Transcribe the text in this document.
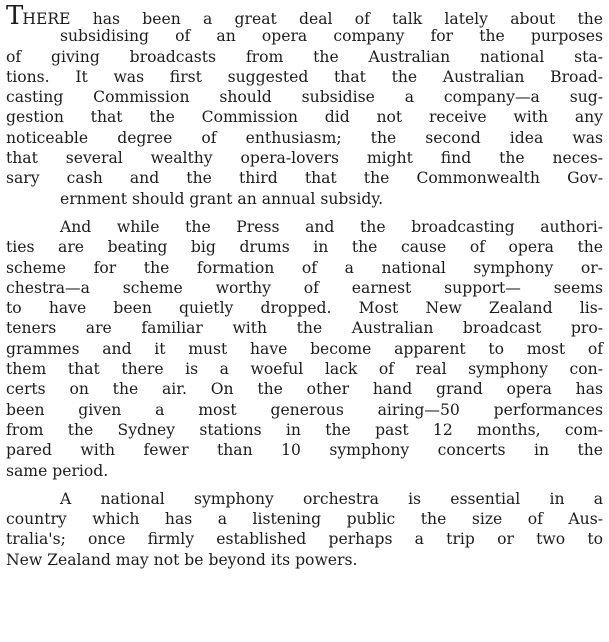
THERE has been a great deal of talk lately about the
subsidising of an opera company for the purposes
of giving broadcasts from the Australian national sta-
tions. It was first suggested that the Australian Broad-
casting Commission should subsidise a company—a sug-
gestion that the Commission did not receive with any
noticeable degree of enthusiasm; the second idea was
that several wealthy opera-lovers might find the neces-
sary cash and the third that the Commonwealth Gov-
ernment should grant an annual subsidy.
And while the Press and the broadcasting authori-
ties are beating big drums in the cause of opera the
scheme for the formation of a national symphony or-
chestra—a scheme worthy of earnest support— seems
to have been quietly dropped. Most New Zealand lis-
teners are familiar with the Australian broadcast pro-
grammes and it must have become apparent to most of
them that there is a woeful lack of real symphony con-
certs on the air. On the other hand grand opera has
been given a most generous airing—50 performances
from the Sydney stations in the past 12 months, com-
pared with fewer than 10 symphony concerts in the
same period.
A national symphony orchestra is essential in a
country which has a listening public the size of Aus-
tralia's; once firmly established perhaps a trip or two to
New Zealand may not be beyond its powers.
